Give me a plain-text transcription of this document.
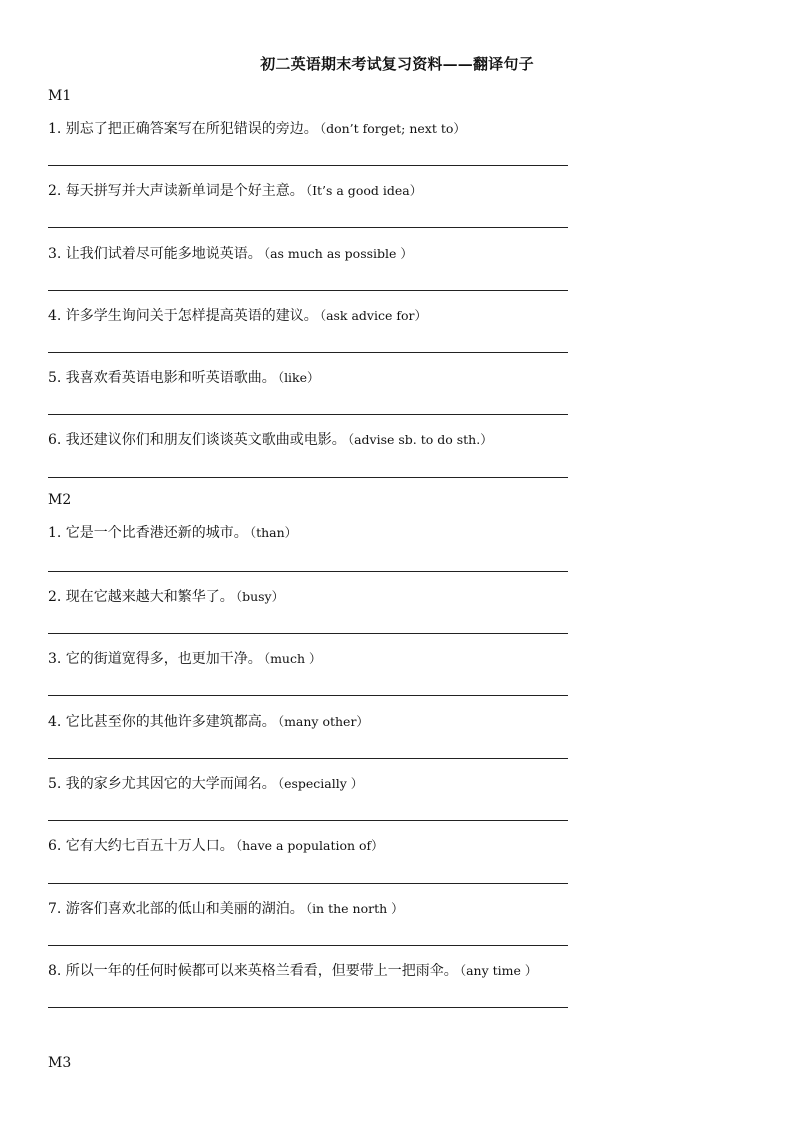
初二英语期末考试复习资料——翻译句子
M1
1. 别忘了把正确答案写在所犯错误的旁边。 （don’t forget; next to）
2. 每天拼写并大声读新单词是个好主意。 （It’s a good idea）
3. 让我们试着尽可能多地说英语。 （as much as possible ）
4. 许多学生询问关于怎样提高英语的建议。 （ask advice for）
5. 我喜欢看英语电影和听英语歌曲。 （like）
6. 我还建议你们和朋友们谈谈英文歌曲或电影。 （advise sb. to do sth.）
M2
1. 它是一个比香港还新的城市。 （than）
2. 现在它越来越大和繁华了。 （busy）
3. 它的街道宽得多，也更加干净。 （much ）
4. 它比甚至你的其他许多建筑都高。 （many other）
5. 我的家乡尤其因它的大学而闻名。 （especially ）
6. 它有大约七百五十万人口。 （have a population of）
7. 游客们喜欢北部的低山和美丽的湖泊。 （in the north ）
8. 所以一年的任何时候都可以来英格兰看看，但要带上一把雨伞。 （any time ）
M3
